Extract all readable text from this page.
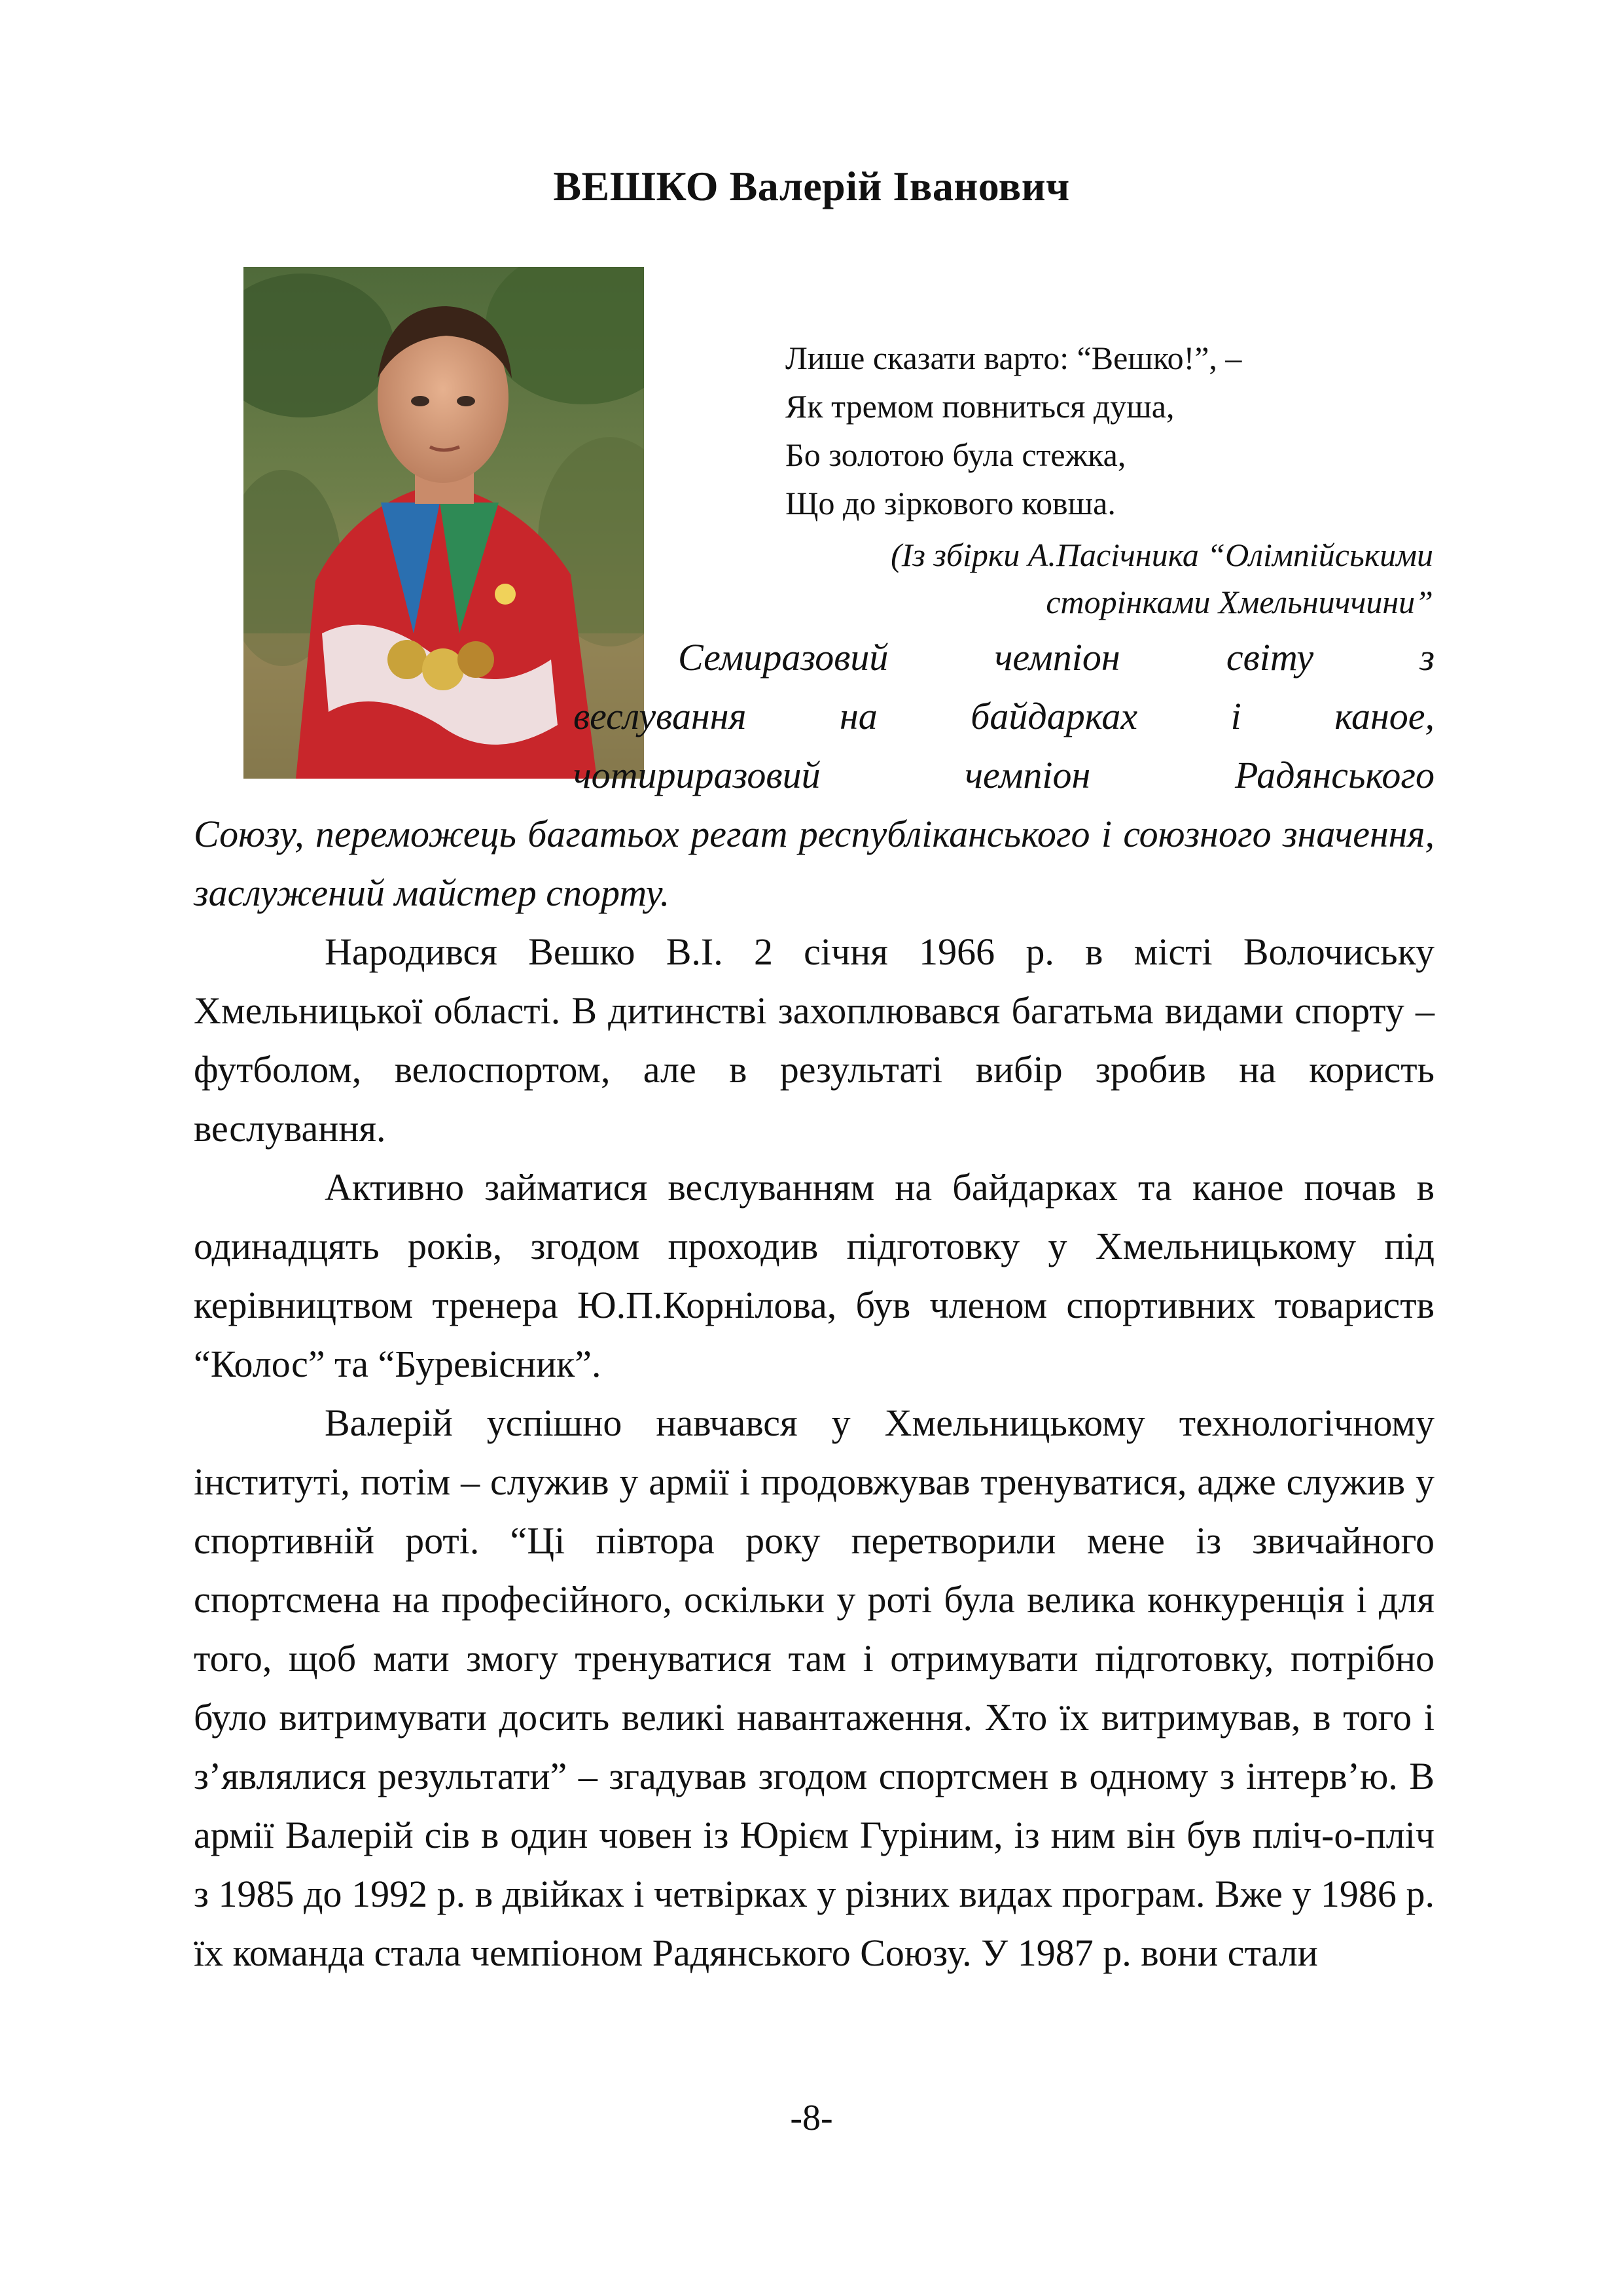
ВЕШКО Валерій Іванович
Лише сказати варто: “Вешко!”, –
Як тремом повниться душа,
Бо золотою була стежка,
Що до зіркового ковша.
(Із збірки А.Пасічника “Олімпійськими
сторінками Хмельниччини”
Семиразовий чемпіон світу з
веслування на байдарках і каное,
чотириразовий чемпіон Радянського
Союзу, переможець багатьох регат республіканського і союзного значення, заслужений майстер спорту.

Народився Вешко В.І. 2 січня 1966 р. в місті Волочиську Хмельницької області. В дитинстві захоплювався багатьма видами спорту – футболом, велоспортом, але в результаті вибір зробив на користь веслування.

Активно займатися веслуванням на байдарках та каное почав в одинадцять років, згодом проходив підготовку у Хмельницькому під керівництвом тренера Ю.П.Корнілова, був членом спортивних товариств “Колос” та “Буревісник”.

Валерій успішно навчався у Хмельницькому технологічному інституті, потім – служив у армії і продовжував тренуватися, адже служив у спортивній роті. “Ці півтора року перетворили мене із звичайного спортсмена на професійного, оскільки у роті була велика конкуренція і для того, щоб мати змогу тренуватися там і отримувати підготовку, потрібно було витримувати досить великі навантаження. Хто їх витримував, в того і з’являлися результати” – згадував згодом спортсмен в одному з інтерв’ю. В армії Валерій сів в один човен із Юрієм Гуріним, із ним він був пліч-о-пліч з 1985 до 1992 р. в двійках і четвірках у різних видах програм. Вже у 1986 р. їх команда стала чемпіоном Радянського Союзу. У 1987 р. вони стали

-8-
